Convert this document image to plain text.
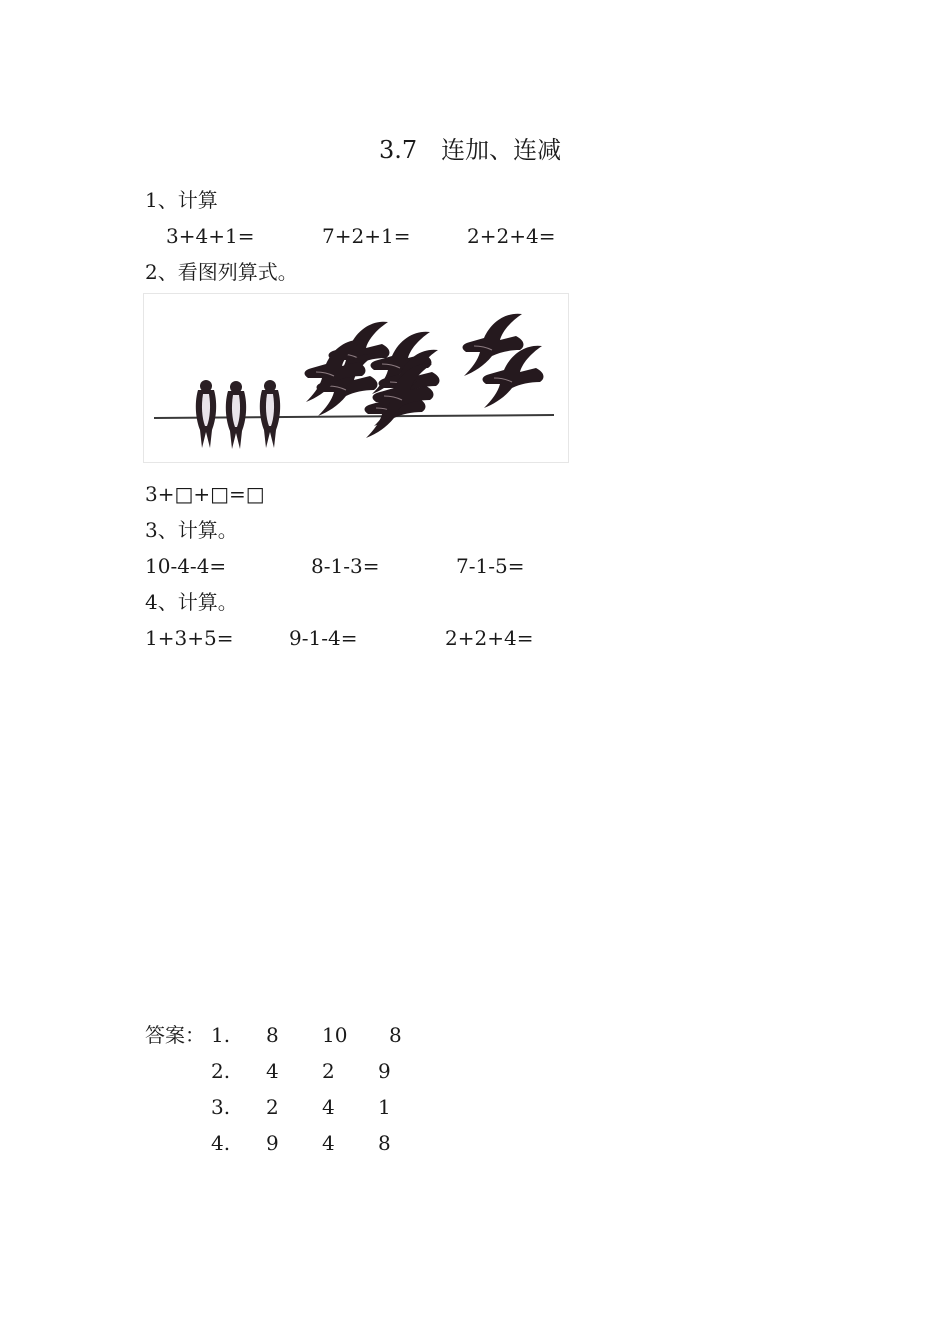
3.7　连加、连减
1、计算
3+4+1=	7+2+1=	2+2+4=
2、看图列算式。
3+□+□=□
3、计算。
10-4-4=	8-1-3=	7-1-5=
4、计算。
1+3+5=	9-1-4=	2+2+4=
答案： 1. 8 10 8
2. 4 2 9
3. 2 4 1
4. 9 4 8
